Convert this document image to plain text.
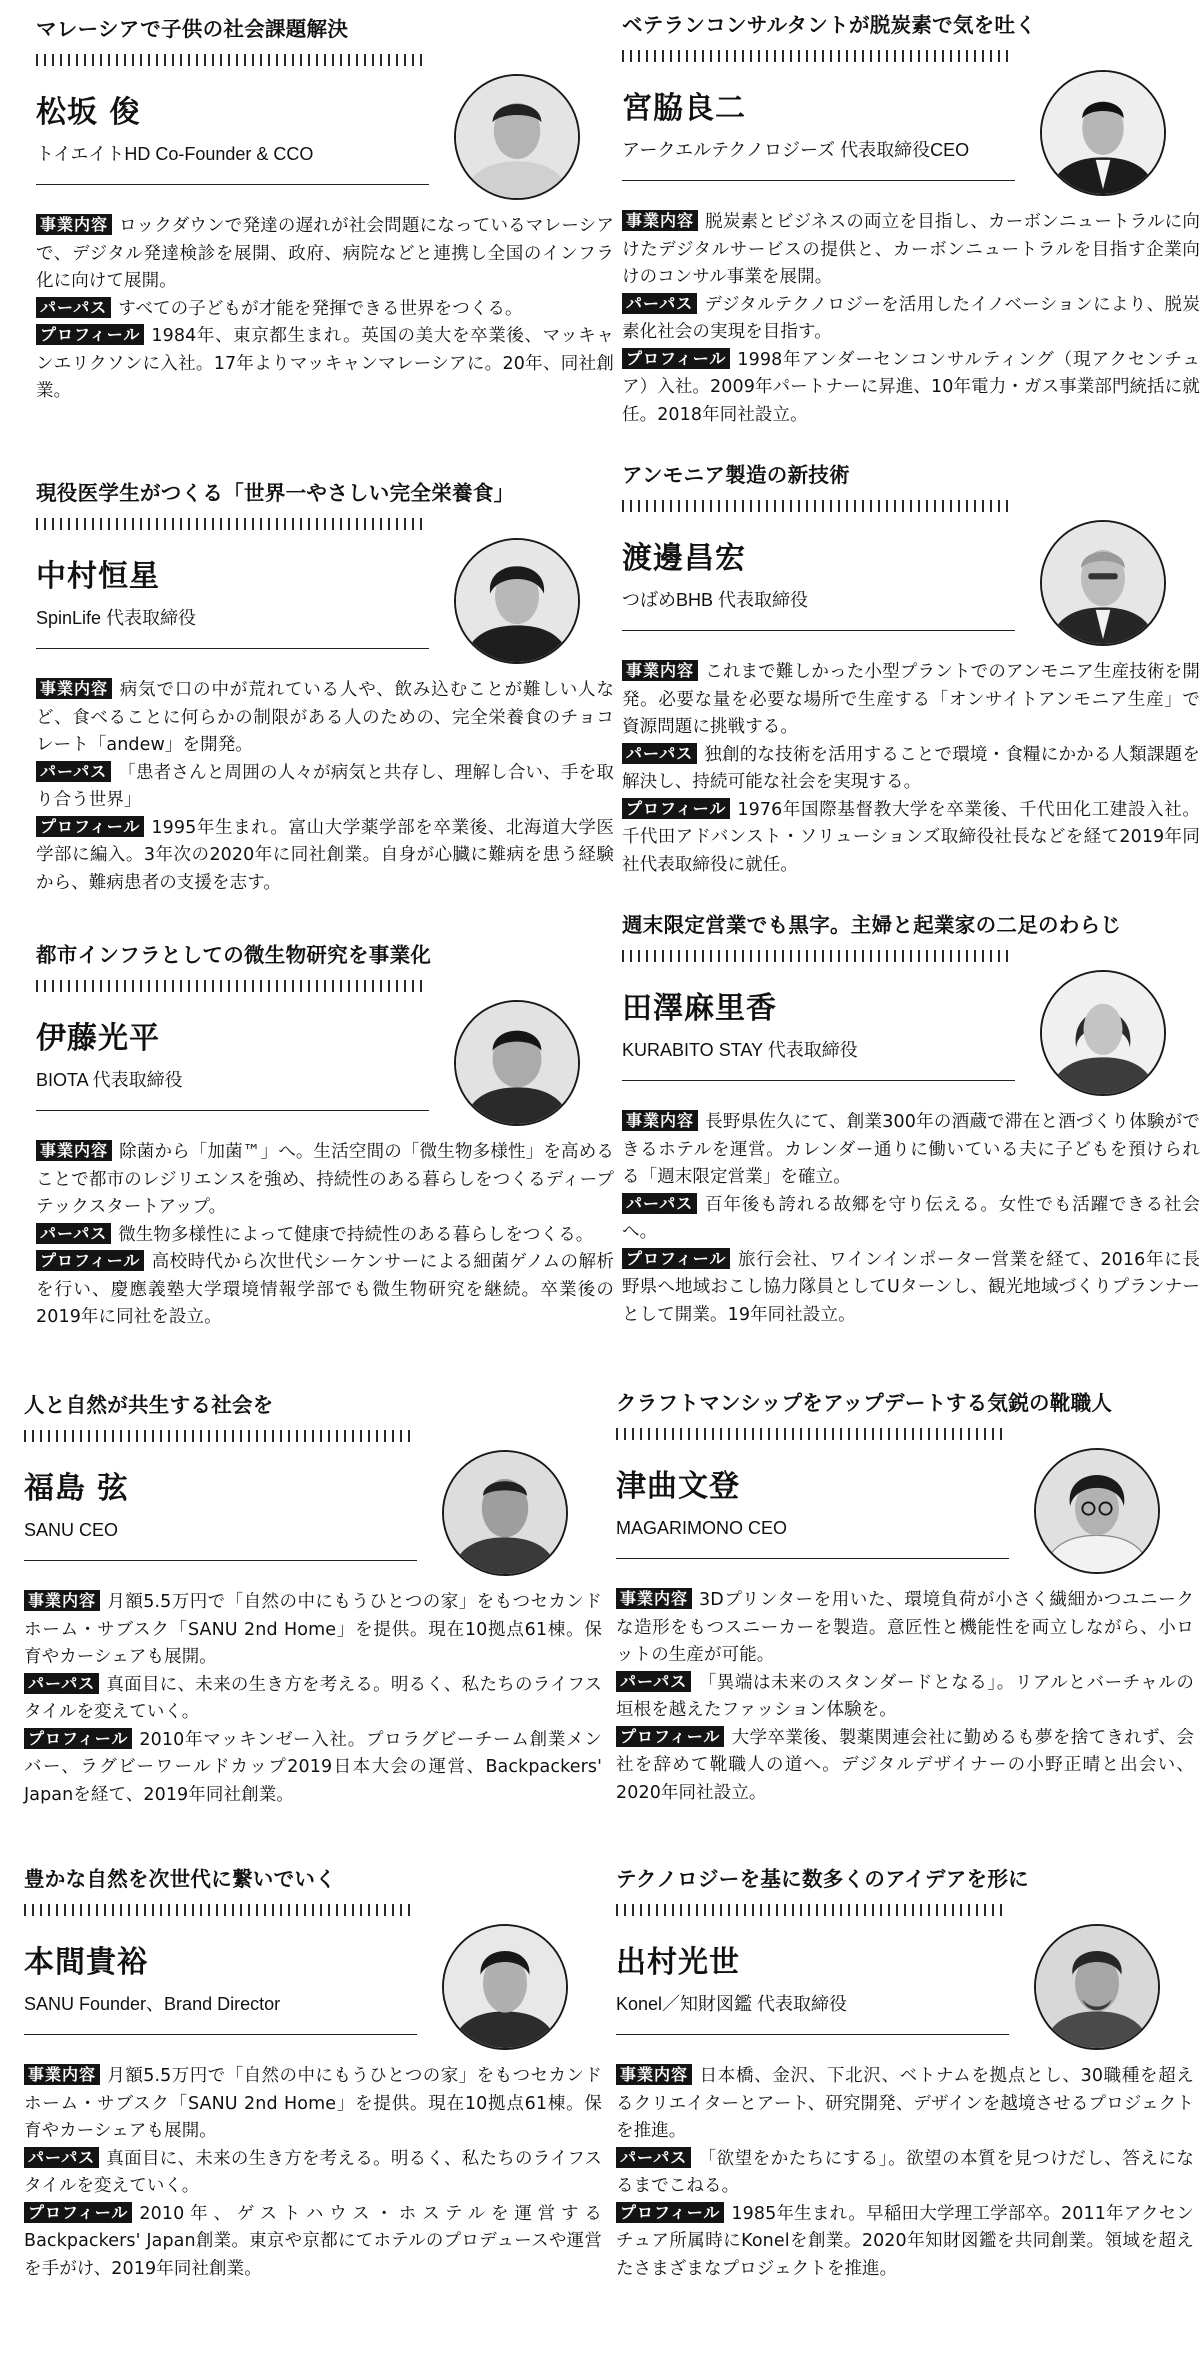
マレーシアで子供の社会課題解決
松坂 俊
トイエイトHD Co-Founder & CCO

事業内容 ロックダウンで発達の遅れが社会問題になっているマレーシアで、デジタル発達検診を展開、政府、病院などと連携し全国のインフラ化に向けて展開。

パーパス すべての子どもが才能を発揮できる世界をつくる。

プロフィール 1984年、東京都生まれ。英国の美大を卒業後、マッキャンエリクソンに入社。17年よりマッキャンマレーシアに。20年、同社創業。

現役医学生がつくる「世界一やさしい完全栄養食」
中村恒星
SpinLife 代表取締役

事業内容 病気で口の中が荒れている人や、飲み込むことが難しい人など、食べることに何らかの制限がある人のための、完全栄養食のチョコレート「andew」を開発。

パーパス 「患者さんと周囲の人々が病気と共存し、理解し合い、手を取り合う世界」

プロフィール 1995年生まれ。富山大学薬学部を卒業後、北海道大学医学部に編入。3年次の2020年に同社創業。自身が心臓に難病を患う経験から、難病患者の支援を志す。

都市インフラとしての微生物研究を事業化
伊藤光平
BIOTA 代表取締役

事業内容 除菌から「加菌™」へ。生活空間の「微生物多様性」を高めることで都市のレジリエンスを強め、持続性のある暮らしをつくるディープテックスタートアップ。

パーパス 微生物多様性によって健康で持続性のある暮らしをつくる。

プロフィール 高校時代から次世代シーケンサーによる細菌ゲノムの解析を行い、慶應義塾大学環境情報学部でも微生物研究を継続。卒業後の2019年に同社を設立。

人と自然が共生する社会を
福島 弦
SANU CEO

事業内容 月額5.5万円で「自然の中にもうひとつの家」をもつセカンドホーム・サブスク「SANU 2nd Home」を提供。現在10拠点61棟。保育やカーシェアも展開。

パーパス 真面目に、未来の生き方を考える。明るく、私たちのライフスタイルを変えていく。

プロフィール 2010年マッキンゼー入社。プロラグビーチーム創業メンバー、ラグビーワールドカップ2019日本大会の運営、Backpackers' Japanを経て、2019年同社創業。

豊かな自然を次世代に繋いでいく
本間貴裕
SANU Founder、Brand Director

事業内容 月額5.5万円で「自然の中にもうひとつの家」をもつセカンドホーム・サブスク「SANU 2nd Home」を提供。現在10拠点61棟。保育やカーシェアも展開。

パーパス 真面目に、未来の生き方を考える。明るく、私たちのライフスタイルを変えていく。

プロフィール 2010年、ゲストハウス・ホステルを運営するBackpackers' Japan創業。東京や京都にてホテルのプロデュースや運営を手がけ、2019年同社創業。

ベテランコンサルタントが脱炭素で気を吐く
宮脇良二
アークエルテクノロジーズ 代表取締役CEO

事業内容 脱炭素とビジネスの両立を目指し、カーボンニュートラルに向けたデジタルサービスの提供と、カーボンニュートラルを目指す企業向けのコンサル事業を展開。

パーパス デジタルテクノロジーを活用したイノベーションにより、脱炭素化社会の実現を目指す。

プロフィール 1998年アンダーセンコンサルティング（現アクセンチュア）入社。2009年パートナーに昇進、10年電力・ガス事業部門統括に就任。2018年同社設立。

アンモニア製造の新技術
渡邊昌宏
つばめBHB 代表取締役

事業内容 これまで難しかった小型プラントでのアンモニア生産技術を開発。必要な量を必要な場所で生産する「オンサイトアンモニア生産」で資源問題に挑戦する。

パーパス 独創的な技術を活用することで環境・食糧にかかる人類課題を解決し、持続可能な社会を実現する。

プロフィール 1976年国際基督教大学を卒業後、千代田化工建設入社。千代田アドバンスト・ソリューションズ取締役社長などを経て2019年同社代表取締役に就任。

週末限定営業でも黒字。主婦と起業家の二足のわらじ
田澤麻里香
KURABITO STAY 代表取締役

事業内容 長野県佐久にて、創業300年の酒蔵で滞在と酒づくり体験ができるホテルを運営。カレンダー通りに働いている夫に子どもを預けられる「週末限定営業」を確立。

パーパス 百年後も誇れる故郷を守り伝える。女性でも活躍できる社会へ。

プロフィール 旅行会社、ワインインポーター営業を経て、2016年に長野県へ地域おこし協力隊員としてUターンし、観光地域づくりプランナーとして開業。19年同社設立。

クラフトマンシップをアップデートする気鋭の靴職人
津曲文登
MAGARIMONO CEO

事業内容 3Dプリンターを用いた、環境負荷が小さく繊細かつユニークな造形をもつスニーカーを製造。意匠性と機能性を両立しながら、小ロットの生産が可能。

パーパス 「異端は未来のスタンダードとなる」。リアルとバーチャルの垣根を越えたファッション体験を。

プロフィール 大学卒業後、製薬関連会社に勤めるも夢を捨てきれず、会社を辞めて靴職人の道へ。デジタルデザイナーの小野正晴と出会い、2020年同社設立。

テクノロジーを基に数多くのアイデアを形に
出村光世
Konel／知財図鑑 代表取締役

事業内容 日本橋、金沢、下北沢、ベトナムを拠点とし、30職種を超えるクリエイターとアート、研究開発、デザインを越境させるプロジェクトを推進。

パーパス 「欲望をかたちにする」。欲望の本質を見つけだし、答えになるまでこねる。

プロフィール 1985年生まれ。早稲田大学理工学部卒。2011年アクセンチュア所属時にKonelを創業。2020年知財図鑑を共同創業。領域を超えたさまざまなプロジェクトを推進。
